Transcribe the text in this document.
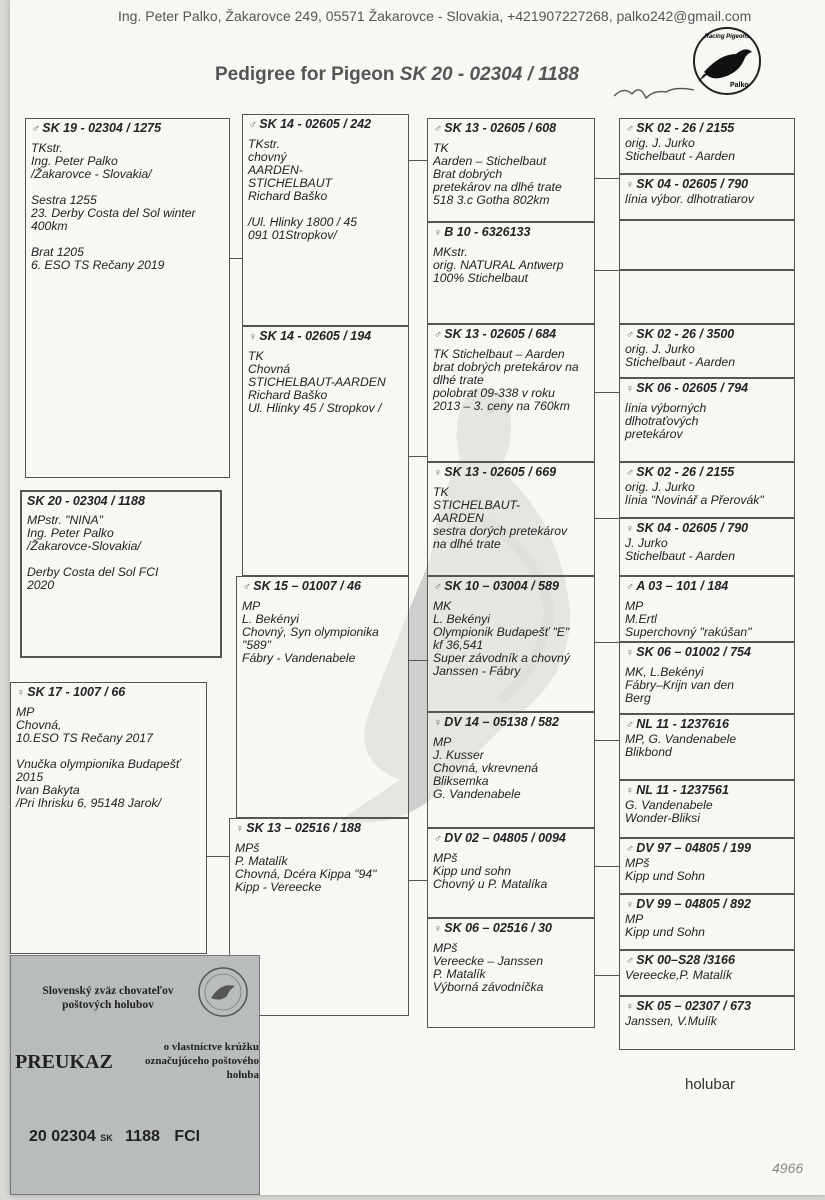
Ing. Peter Palko, Žakarovce 249, 05571 Žakarovce - Slovakia, +421907227268, palko242@gmail.com
Pedigree for Pigeon SK 20 - 02304 / 1188
Racing Pigeons
Palko
♂ SK 19 - 02304 / 1275
TKstr.
Ing. Peter Palko
/Žakarovce - Slovakia/
Sestra 1255
23. Derby Costa del Sol winter
400km
Brat 1205
6. ESO TS Rečany 2019
SK 20 - 02304 / 1188
MPstr. "NINA"
Ing. Peter Palko
/Žakarovce-Slovakia/
Derby Costa del Sol FCI
2020
♀ SK 17 - 1007 / 66
MP
Chovná,
10.ESO TS Rečany 2017
Vnučka olympionika Budapešť
2015
Ivan Bakyta
/Pri Ihrisku 6, 95148 Jarok/
♂ SK 14 - 02605 / 242
TKstr.
chovný
AARDEN-
STICHELBAUT
Richard Baško
/Ul. Hlinky 1800 / 45
091 01Stropkov/
♀ SK 14 - 02605 / 194
TK
Chovná
STICHELBAUT-AARDEN
Richard Baško
Ul. Hlinky 45 / Stropkov /
♂ SK 15 – 01007 / 46
MP
L. Bekényi
Chovný, Syn olympionika
"589"
Fábry - Vandenabele
♀ SK 13 – 02516 / 188
MPš
P. Matalík
Chovná, Dcéra Kippa "94"
Kipp - Vereecke
♂ SK 13 - 02605 / 608
TK
Aarden – Stichelbaut
Brat dobrých
pretekárov na dlhé trate
518 3.c Gotha 802km
♀ B 10 - 6326133
MKstr.
orig. NATURAL Antwerp
100% Stichelbaut
♂ SK 13 - 02605 / 684
TK Stichelbaut – Aarden
brat dobrých pretekárov na
dlhé trate
polobrat 09-338 v roku
2013 – 3. ceny na 760km
♀ SK 13 - 02605 / 669
TK
STICHELBAUT-
AARDEN
sestra dorých pretekárov
na dlhé trate
♂ SK 10 – 03004 / 589
MK
L. Bekényi
Olympionik Budapešť "E"
kf 36,541
Super závodník a chovný
Janssen - Fábry
♀ DV 14 – 05138 / 582
MP
J. Kusser
Chovná, vkrevnená
Bliksemka
G. Vandenabele
♂ DV 02 – 04805 / 0094
MPš
Kipp und sohn
Chovný u P. Matalíka
♀ SK 06 – 02516 / 30
MPš
Vereecke – Janssen
P. Matalík
Výborná závodníčka
♂ SK 02 - 26 / 2155
orig. J. Jurko
Stichelbaut - Aarden
♀ SK 04 - 02605 / 790
línia výbor. dlhotratiarov
♂ SK 02 - 26 / 3500
orig. J. Jurko
Stichelbaut - Aarden
♀ SK 06 - 02605 / 794
línia výborných
dlhotraťových
pretekárov
♂ SK 02 - 26 / 2155
orig. J. Jurko
línia "Novinář a Přerovák"
♀ SK 04 - 02605 / 790
J. Jurko
Stichelbaut - Aarden
♂ A 03 – 101 / 184
MP
M.Ertl
Superchovný "rakúšan"
♀ SK 06 – 01002 / 754
MK, L.Bekényi
Fábry–Krijn van den
Berg
♂ NL 11 - 1237616
MP, G. Vandenabele
Blikbond
♀ NL 11 - 1237561
G. Vandenabele
Wonder-Bliksi
♂ DV 97 – 04805 / 199
MPš
Kipp und Sohn
♀ DV 99 – 04805 / 892
MP
Kipp und Sohn
♂ SK 00–S28 /3166
Vereecke,P. Matalík
♀ SK 05 – 02307 / 673
Janssen, V.Mulík
Slovenský zväz chovateľov poštových holubov
PREUKAZ
o vlastníctve krúžku označujúceho poštového holuba
20 02304 SK 1188 FCI
holubar
4966
